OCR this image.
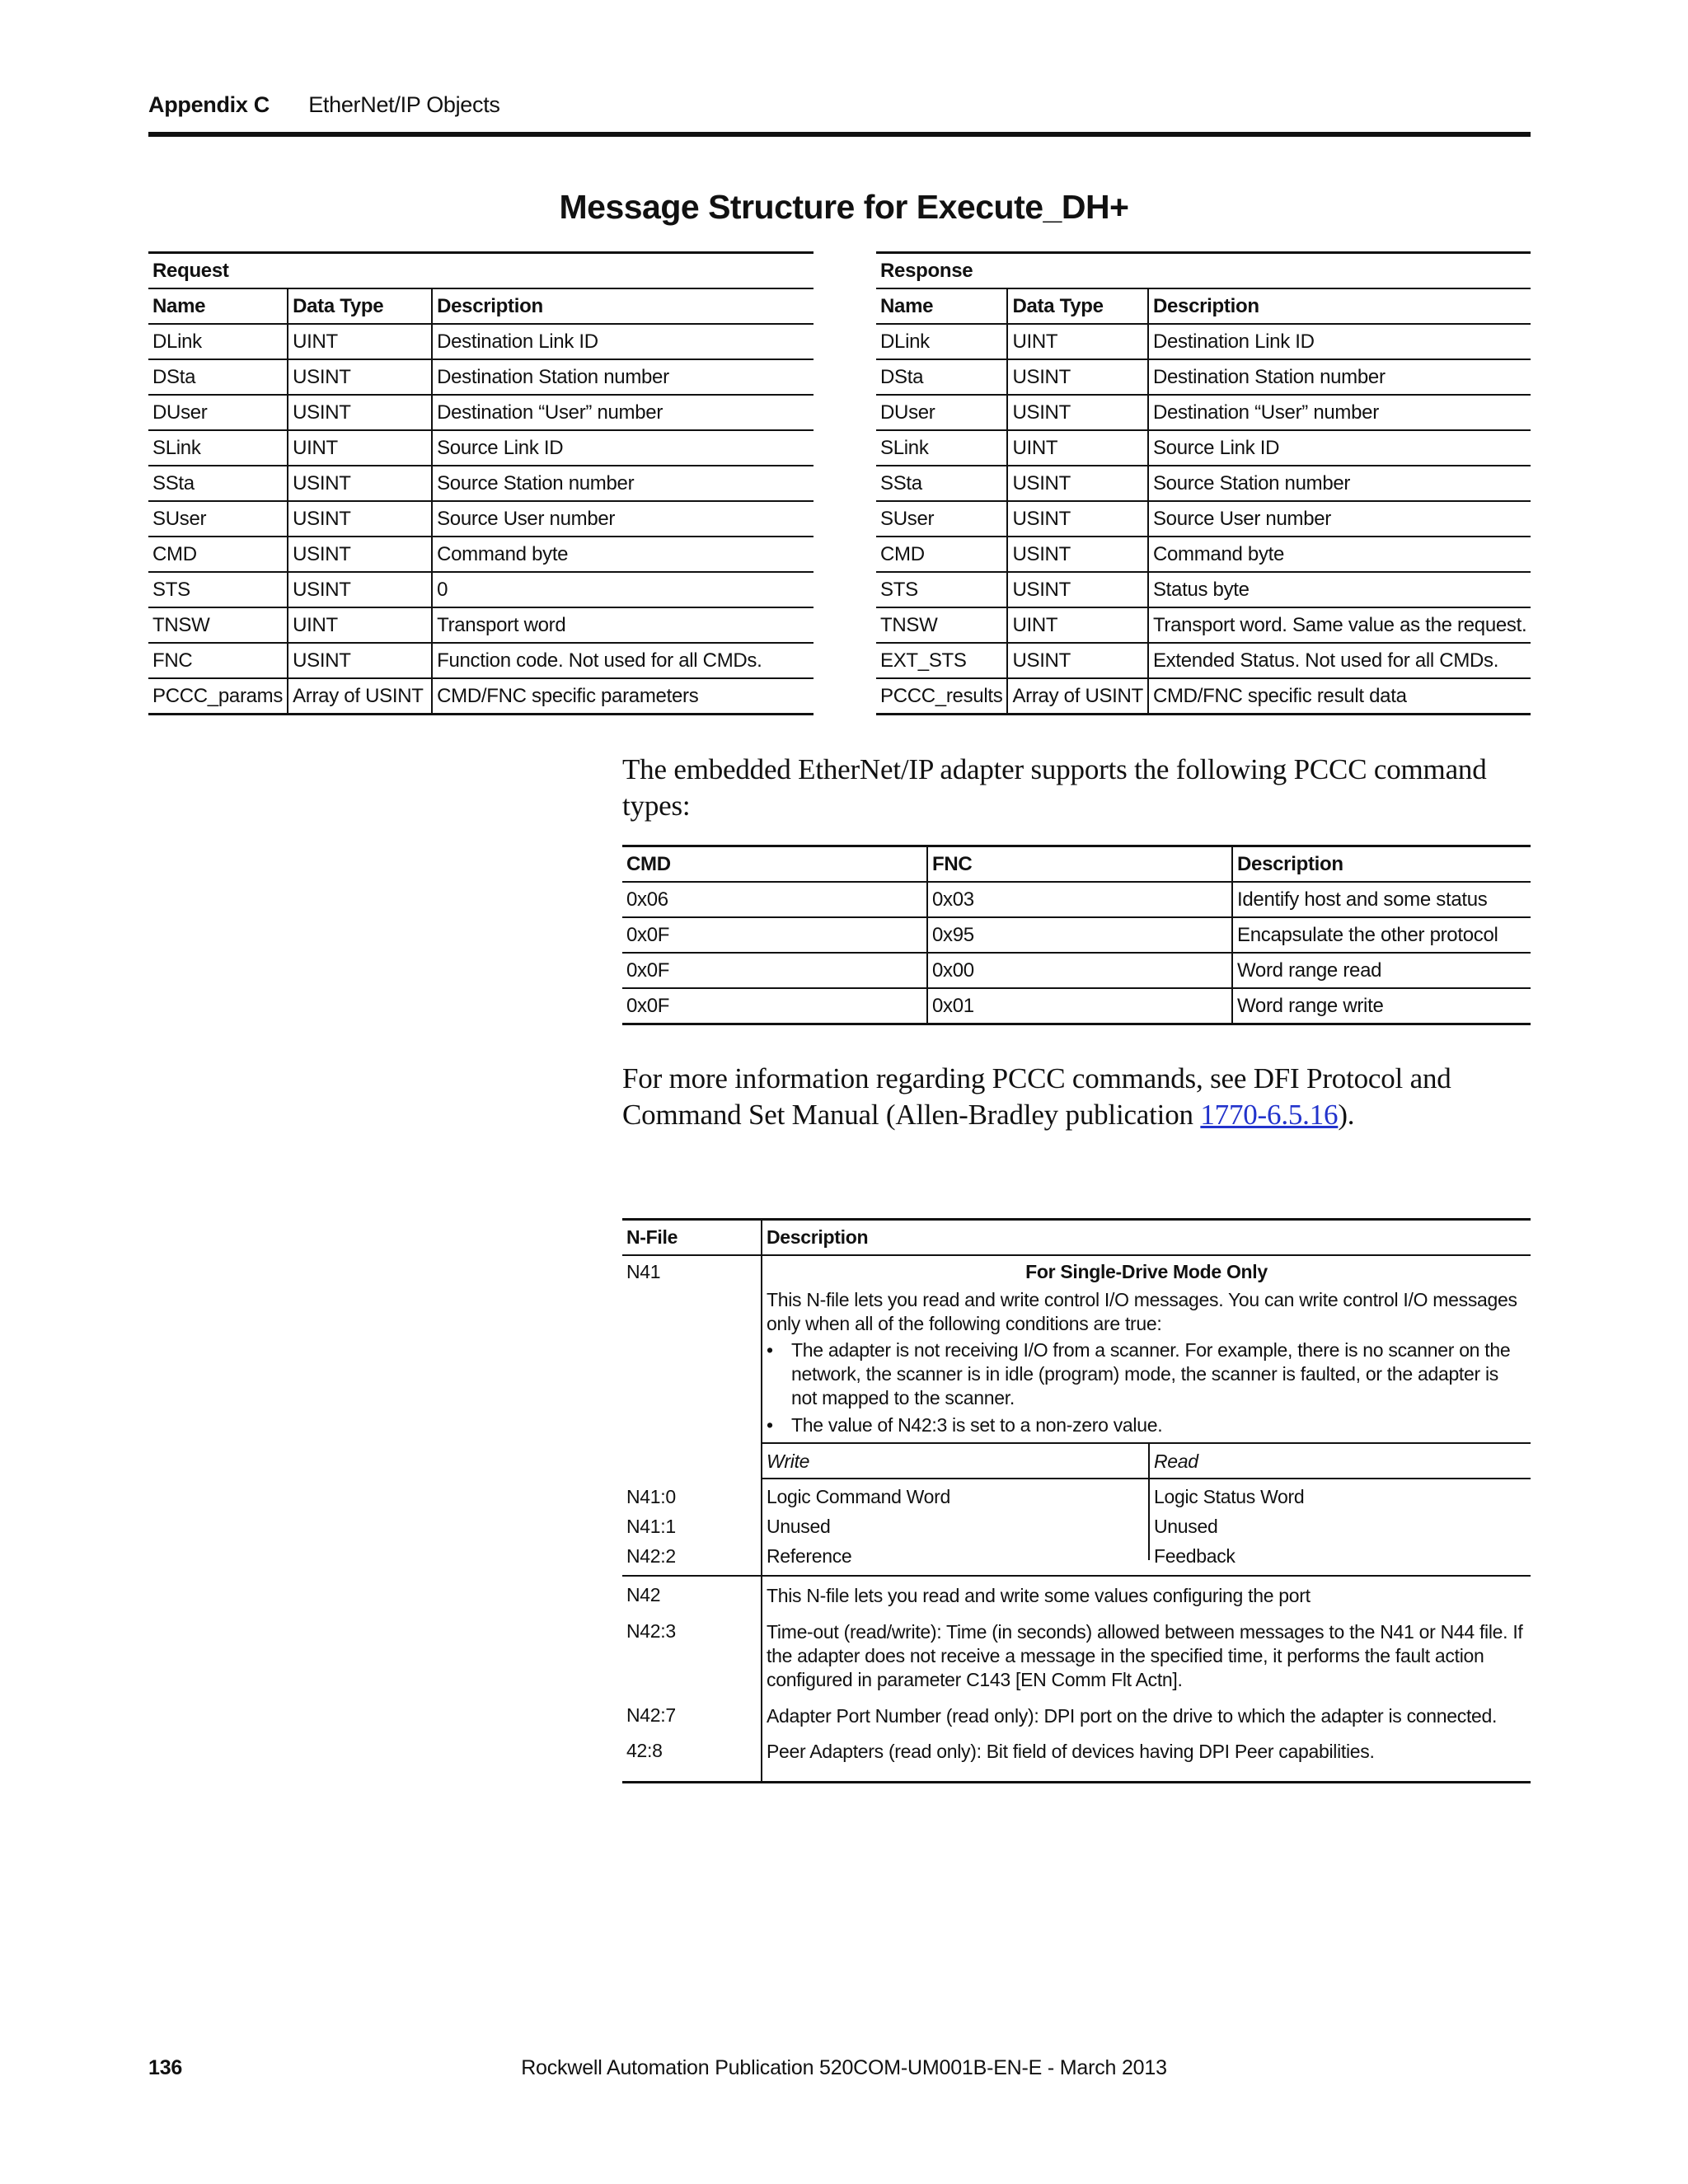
Appendix C EtherNet/IP Objects
Message Structure for Execute_DH+
Request		
Name	Data Type	Description
DLink	UINT	Destination Link ID
DSta	USINT	Destination Station number
DUser	USINT	Destination “User” number
SLink	UINT	Source Link ID
SSta	USINT	Source Station number
SUser	USINT	Source User number
CMD	USINT	Command byte
STS	USINT	0
TNSW	UINT	Transport word
FNC	USINT	Function code. Not used for all CMDs.
PCCC_params	Array of USINT	CMD/FNC specific parameters
Response		
Name	Data Type	Description
DLink	UINT	Destination Link ID
DSta	USINT	Destination Station number
DUser	USINT	Destination “User” number
SLink	UINT	Source Link ID
SSta	USINT	Source Station number
SUser	USINT	Source User number
CMD	USINT	Command byte
STS	USINT	Status byte
TNSW	UINT	Transport word. Same value as the request.
EXT_STS	USINT	Extended Status. Not used for all CMDs.
PCCC_results	Array of USINT	CMD/FNC specific result data
The embedded EtherNet/IP adapter supports the following PCCC command types:
CMD	FNC	Description
0x06	0x03	Identify host and some status
0x0F	0x95	Encapsulate the other protocol
0x0F	0x00	Word range read
0x0F	0x01	Word range write
For more information regarding PCCC commands, see DFI Protocol and Command Set Manual (Allen-Bradley publication 1770-6.5.16).
N-File	Description
N41	For Single-Drive Mode Only
This N-file lets you read and write control I/O messages. You can write control I/O messages only when all of the following conditions are true:
• The adapter is not receiving I/O from a scanner. For example, there is no scanner on the network, the scanner is in idle (program) mode, the scanner is faulted, or the adapter is not mapped to the scanner.
• The value of N42:3 is set to a non-zero value.
Write	Read
N41:0	Logic Command Word	Logic Status Word
N41:1	Unused	Unused
N42:2	Reference	Feedback
N42	This N-file lets you read and write some values configuring the port
N42:3	Time-out (read/write): Time (in seconds) allowed between messages to the N41 or N44 file. If the adapter does not receive a message in the specified time, it performs the fault action configured in parameter C143 [EN Comm Flt Actn].
N42:7	Adapter Port Number (read only): DPI port on the drive to which the adapter is connected.
42:8	Peer Adapters (read only): Bit field of devices having DPI Peer capabilities.
136	Rockwell Automation Publication 520COM-UM001B-EN-E - March 2013
